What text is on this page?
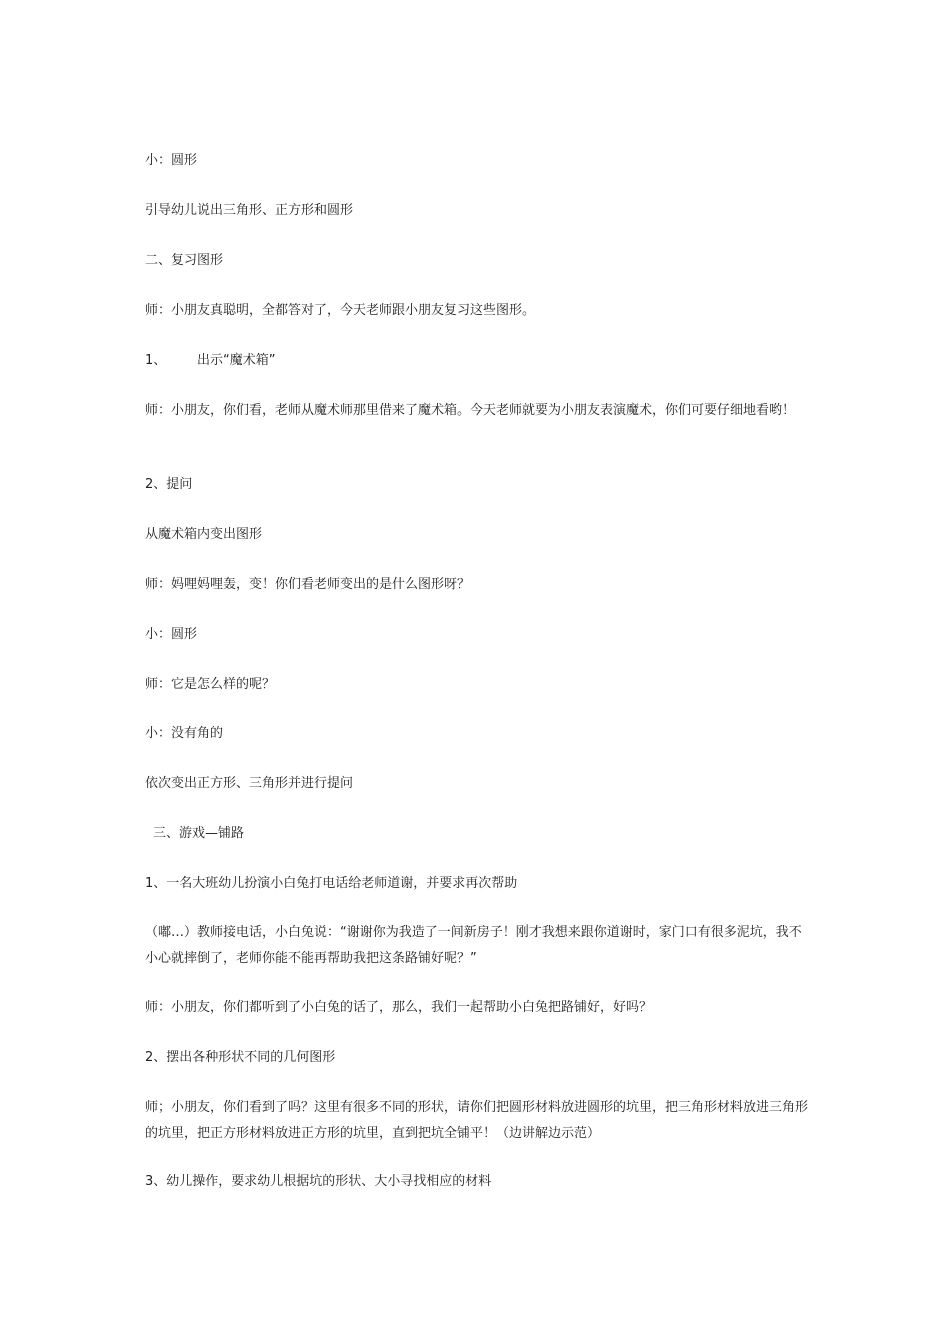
小：圆形

引导幼儿说出三角形、正方形和圆形

二、复习图形

师：小朋友真聪明，全都答对了，今天老师跟小朋友复习这些图形。

1、	出示“魔术箱”

师：小朋友，你们看，老师从魔术师那里借来了魔术箱。今天老师就要为小朋友表演魔术，你们可要仔细地看哟！

2、提问

从魔术箱内变出图形

师：妈哩妈哩轰，变！你们看老师变出的是什么图形呀？

小：圆形

师：它是怎么样的呢？

小：没有角的

依次变出正方形、三角形并进行提问

三、游戏—铺路

1、一名大班幼儿扮演小白兔打电话给老师道谢，并要求再次帮助

（嘟…）教师接电话，小白兔说：“谢谢你为我造了一间新房子！刚才我想来跟你道谢时，家门口有很多泥坑，我不小心就摔倒了，老师你能不能再帮助我把这条路铺好呢？”

师：小朋友，你们都听到了小白兔的话了，那么，我们一起帮助小白兔把路铺好，好吗？

2、摆出各种形状不同的几何图形

师；小朋友，你们看到了吗？这里有很多不同的形状，请你们把圆形材料放进圆形的坑里，把三角形材料放进三角形的坑里，把正方形材料放进正方形的坑里，直到把坑全铺平！（边讲解边示范）

3、幼儿操作，要求幼儿根据坑的形状、大小寻找相应的材料
